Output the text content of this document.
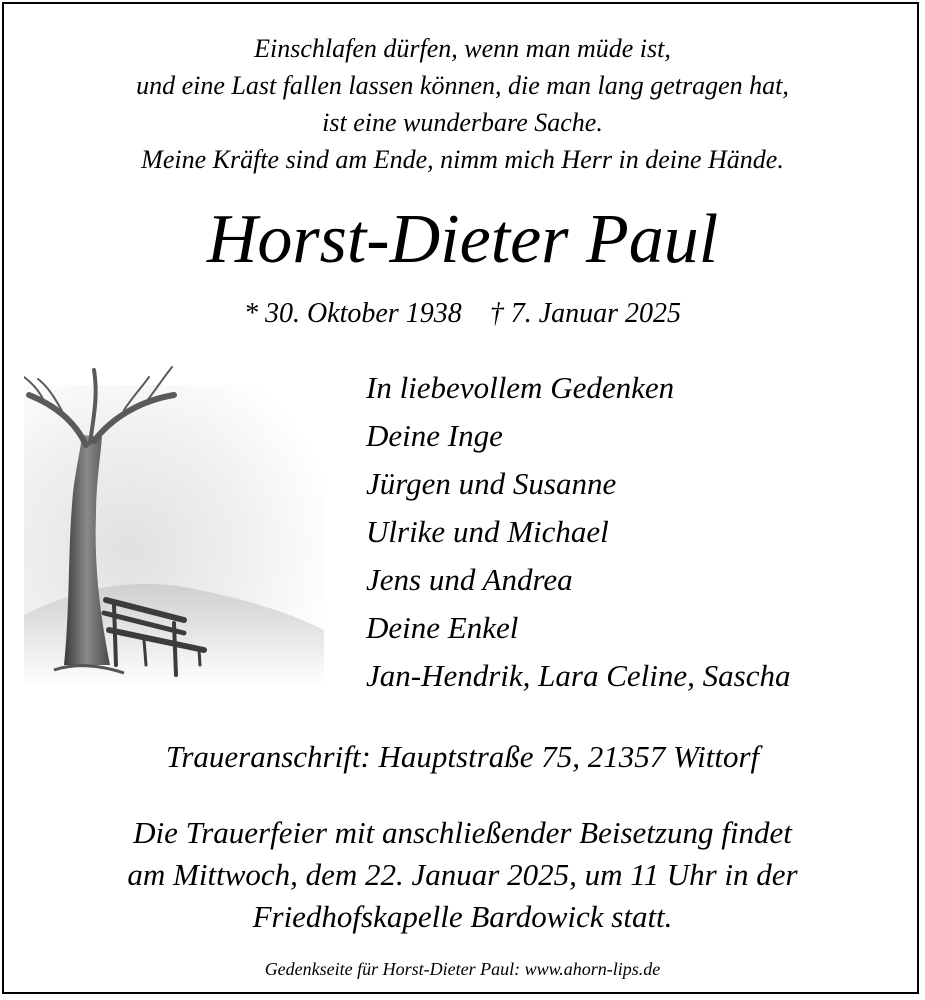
Einschlafen dürfen, wenn man müde ist,
und eine Last fallen lassen können, die man lang getragen hat,
ist eine wunderbare Sache.
Meine Kräfte sind am Ende, nimm mich Herr in deine Hände.
Horst-Dieter Paul
* 30. Oktober 1938    † 7. Januar 2025
In liebevollem Gedenken
Deine Inge
Jürgen und Susanne
Ulrike und Michael
Jens und Andrea
Deine Enkel
Jan-Hendrik, Lara Celine, Sascha
Traueranschrift: Hauptstraße 75, 21357 Wittorf
Die Trauerfeier mit anschließender Beisetzung findet
am Mittwoch, dem 22. Januar 2025, um 11 Uhr in der
Friedhofskapelle Bardowick statt.
Gedenkseite für Horst-Dieter Paul: www.ahorn-lips.de
